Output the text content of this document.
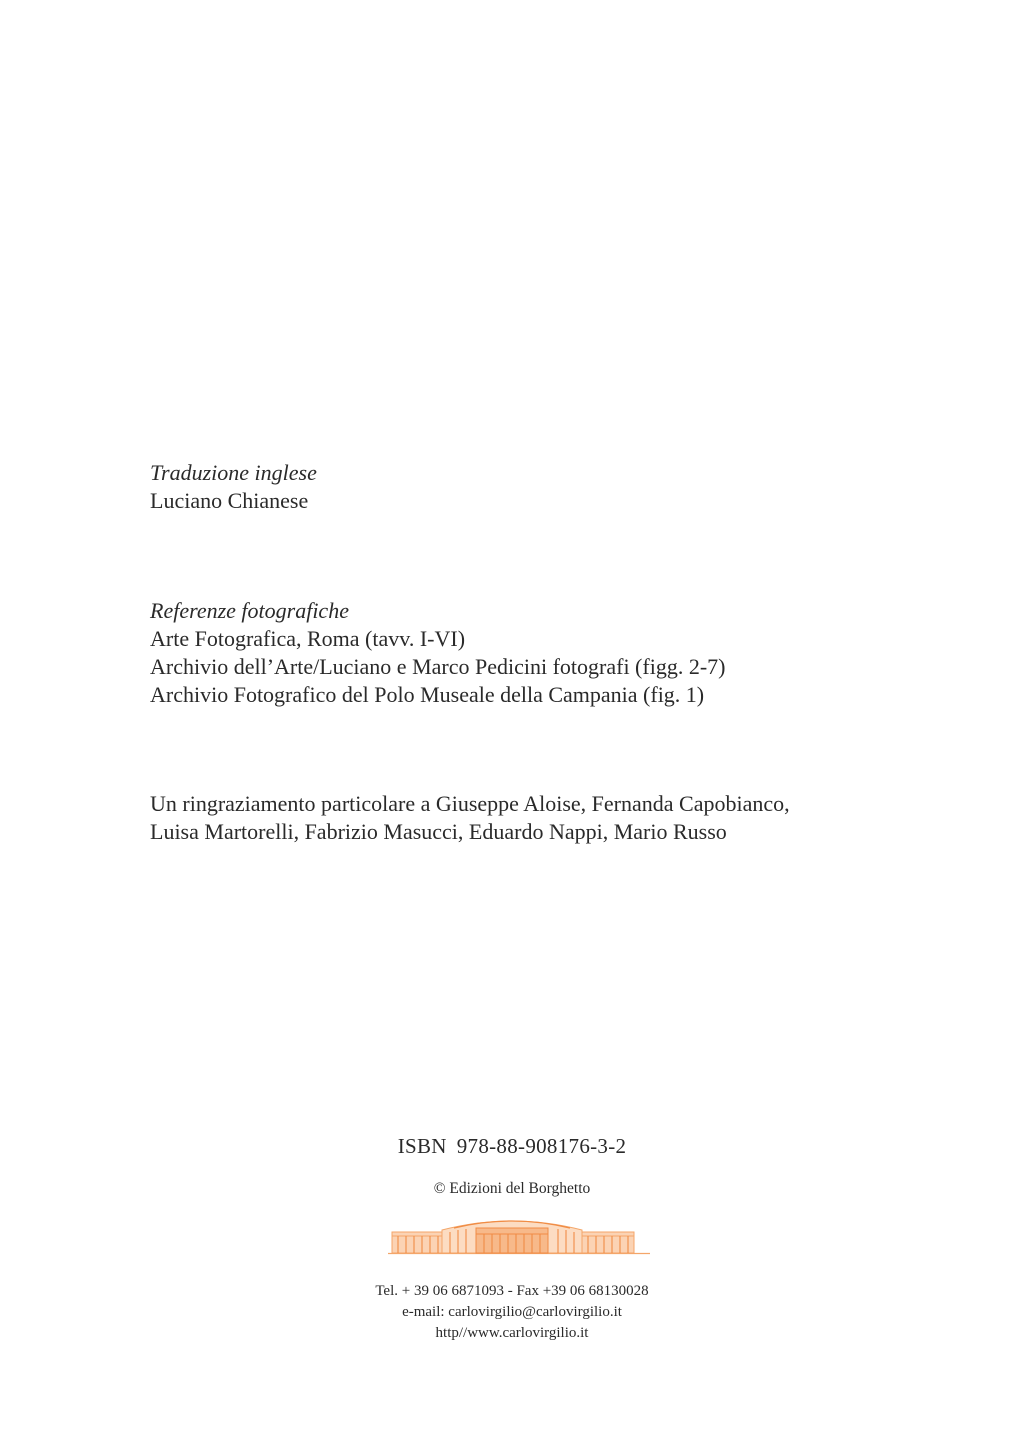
Traduzione inglese
Luciano Chianese
Referenze fotografiche
Arte Fotografica, Roma (tavv. I-VI)
Archivio dell’Arte/Luciano e Marco Pedicini fotografi (figg. 2-7)
Archivio Fotografico del Polo Museale della Campania (fig. 1)
Un ringraziamento particolare a Giuseppe Aloise, Fernanda Capobianco,
Luisa Martorelli, Fabrizio Masucci, Eduardo Nappi, Mario Russo
ISBN 978-88-908176-3-2
© Edizioni del Borghetto
Tel. + 39 06 6871093 - Fax +39 06 68130028
e-mail: carlovirgilio@carlovirgilio.it
http//www.carlovirgilio.it
